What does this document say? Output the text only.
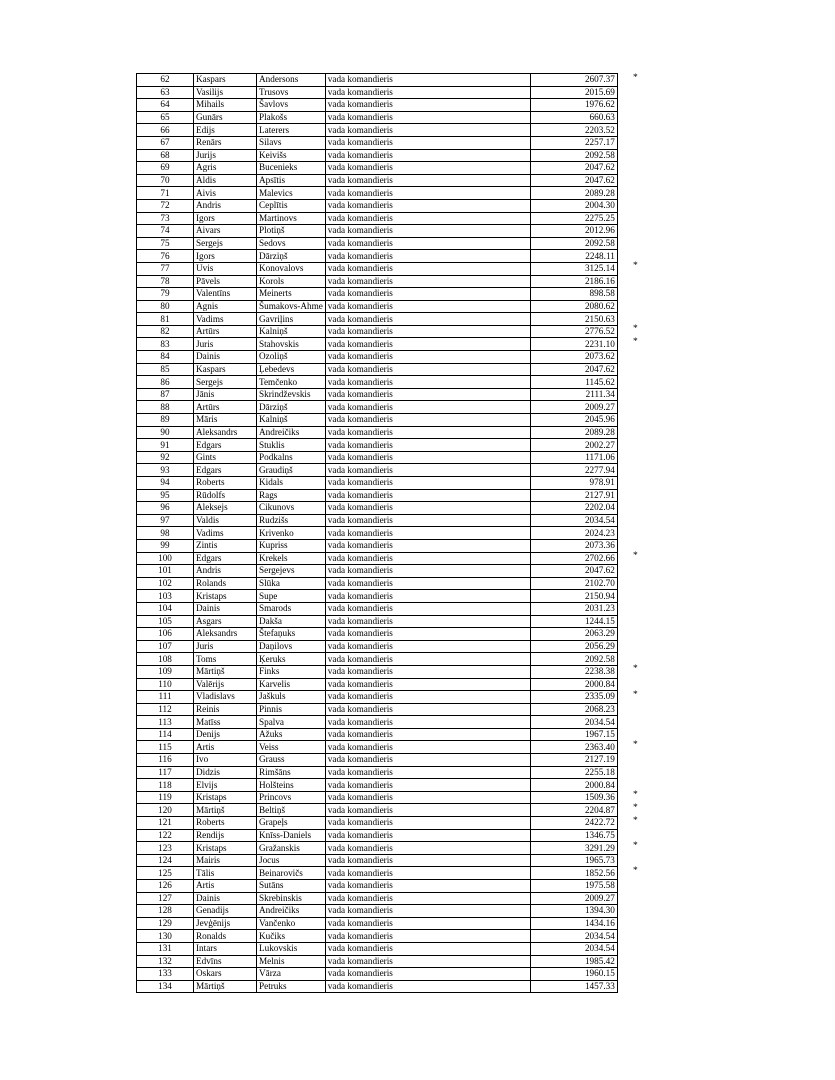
62	Kaspars	Andersons	vada komandieris	2607.37
63	Vasilijs	Trusovs	vada komandieris	2015.69
64	Mihails	Šavlovs	vada komandieris	1976.62
65	Gunārs	Plakošs	vada komandieris	660.63
66	Edijs	Laterers	vada komandieris	2203.52
67	Renārs	Silavs	vada komandieris	2257.17
68	Jurijs	Keivišs	vada komandieris	2092.58
69	Agris	Bucenieks	vada komandieris	2047.62
70	Aldis	Apsītis	vada komandieris	2047.62
71	Aivis	Malevics	vada komandieris	2089.28
72	Andris	Ceplītis	vada komandieris	2004.30
73	Igors	Martinovs	vada komandieris	2275.25
74	Aivars	Plotiņš	vada komandieris	2012.96
75	Sergejs	Sedovs	vada komandieris	2092.58
76	Igors	Dārziņš	vada komandieris	2248.11
77	Uvis	Konovalovs	vada komandieris	3125.14
78	Pāvels	Korols	vada komandieris	2186.16
79	Valentīns	Meinerts	vada komandieris	898.58
80	Agnis	Šumakovs-Ahme	vada komandieris	2080.62
81	Vadims	Gavriļins	vada komandieris	2150.63
82	Artūrs	Kalniņš	vada komandieris	2776.52
83	Juris	Stahovskis	vada komandieris	2231.10
84	Dainis	Ozoliņš	vada komandieris	2073.62
85	Kaspars	Ļebedevs	vada komandieris	2047.62
86	Sergejs	Temčenko	vada komandieris	1145.62
87	Jānis	Skrindževskis	vada komandieris	2111.34
88	Artūrs	Dārziņš	vada komandieris	2009.27
89	Māris	Kalniņš	vada komandieris	2045.96
90	Aleksandrs	Andreičiks	vada komandieris	2089.28
91	Edgars	Stuklis	vada komandieris	2002.27
92	Gints	Podkalns	vada komandieris	1171.06
93	Edgars	Graudiņš	vada komandieris	2277.94
94	Roberts	Kidals	vada komandieris	978.91
95	Rūdolfs	Rags	vada komandieris	2127.91
96	Aleksejs	Cikunovs	vada komandieris	2202.04
97	Valdis	Rudzišs	vada komandieris	2034.54
98	Vadims	Krivenko	vada komandieris	2024.23
99	Zintis	Kupriss	vada komandieris	2073.36
100	Edgars	Krekels	vada komandieris	2702.66
101	Andris	Sergejevs	vada komandieris	2047.62
102	Rolands	Slūka	vada komandieris	2102.70
103	Kristaps	Supe	vada komandieris	2150.94
104	Dainis	Smarods	vada komandieris	2031.23
105	Asgars	Dakša	vada komandieris	1244.15
106	Aleksandrs	Štefaņuks	vada komandieris	2063.29
107	Juris	Daņilovs	vada komandieris	2056.29
108	Toms	Ķeruks	vada komandieris	2092.58
109	Mārtiņš	Finks	vada komandieris	2238.38
110	Valērijs	Karvelis	vada komandieris	2000.84
111	Vladislavs	Jaškuls	vada komandieris	2335.09
112	Reinis	Pinnis	vada komandieris	2068.23
113	Matīss	Spalva	vada komandieris	2034.54
114	Denijs	Ažuks	vada komandieris	1967.15
115	Artis	Veiss	vada komandieris	2363.40
116	Ivo	Grauss	vada komandieris	2127.19
117	Didzis	Rimšāns	vada komandieris	2255.18
118	Elvijs	Holšteins	vada komandieris	2000.84
119	Kristaps	Princovs	vada komandieris	1509.36
120	Mārtiņš	Beltiņš	vada komandieris	2204.87
121	Roberts	Grapeļs	vada komandieris	2422.72
122	Rendijs	Knīss-Daniels	vada komandieris	1346.75
123	Kristaps	Gražanskis	vada komandieris	3291.29
124	Mairis	Jocus	vada komandieris	1965.73
125	Tālis	Beinarovičs	vada komandieris	1852.56
126	Artis	Sutāns	vada komandieris	1975.58
127	Dainis	Skrebinskis	vada komandieris	2009.27
128	Genadijs	Andreičiks	vada komandieris	1394.30
129	Jevģēnijs	Vančenko	vada komandieris	1434.16
130	Ronalds	Kučiks	vada komandieris	2034.54
131	Intars	Lukovskis	vada komandieris	2034.54
132	Edvīns	Melnis	vada komandieris	1985.42
133	Oskars	Vārza	vada komandieris	1960.15
134	Mārtiņš	Petruks	vada komandieris	1457.33
*
*
*
*
*
*
*
*
*
*
*
*
*
